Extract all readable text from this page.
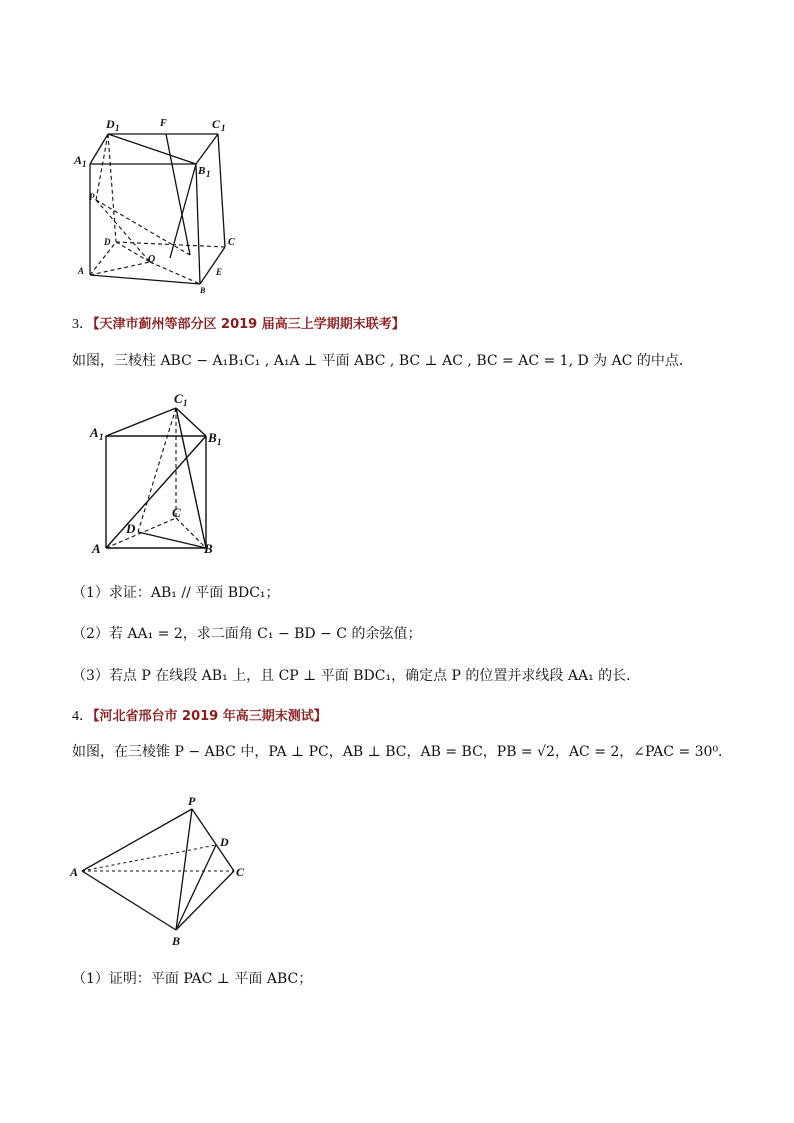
D 1	F	C 1
A 1
B 1
P
D
Q
C
A	E
B
3．【天津市蓟州等部分区 2019 届高三上学期期末联考】
如图，三棱柱 ABC − A₁B₁C₁ , A₁A ⊥ 平面 ABC , BC ⊥ AC , BC = AC = 1, D 为 AC 的中点．
C 1
A 1	B 1
C
D
A	B
（1）求证：AB₁ // 平面 BDC₁；
（2）若 AA₁ = 2，求二面角 C₁ − BD − C 的余弦值；
（3）若点 P 在线段 AB₁ 上，且 CP ⊥ 平面 BDC₁，确定点 P 的位置并求线段 AA₁ 的长．
4．【河北省邢台市 2019 年高三期末测试】
如图，在三棱锥 P − ABC 中，PA ⊥ PC，AB ⊥ BC，AB = BC，PB = √2，AC = 2，∠PAC = 30⁰．
P
D
A	C
B
（1）证明：平面 PAC ⊥ 平面 ABC；
